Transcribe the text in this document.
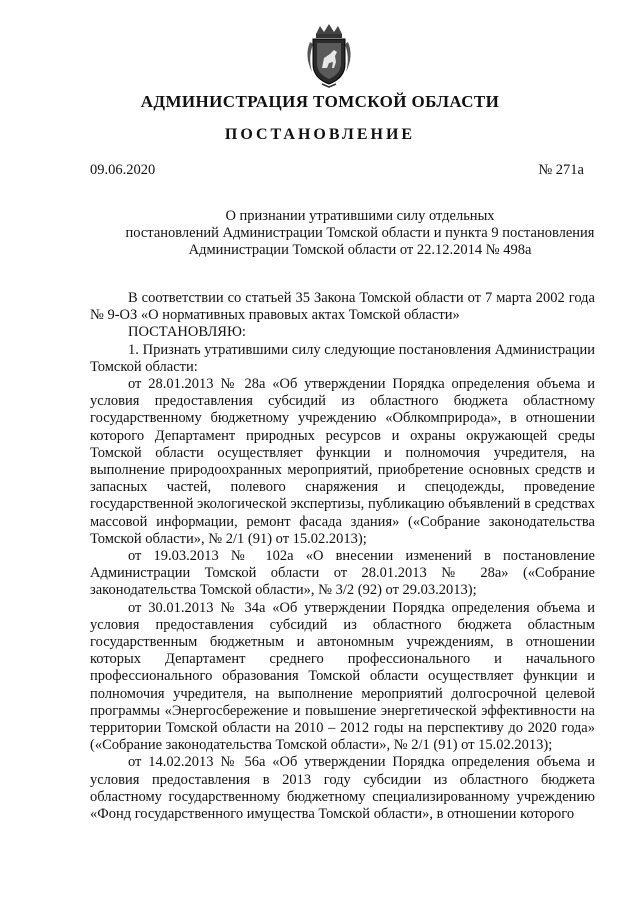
АДМИНИСТРАЦИЯ ТОМСКОЙ ОБЛАСТИ
ПОСТАНОВЛЕНИЕ
09.06.2020	№ 271а
О признании утратившими силу отдельных
постановлений Администрации Томской области и пункта 9 постановления
Администрации Томской области от 22.12.2014 № 498а

В соответствии со статьей 35 Закона Томской области от 7 марта 2002 года № 9-ОЗ «О нормативных правовых актах Томской области»

ПОСТАНОВЛЯЮ:

1. Признать утратившими силу следующие постановления Администрации Томской области:

от 28.01.2013 № 28а «Об утверждении Порядка определения объема и условия предоставления субсидий из областного бюджета областному государственному бюджетному учреждению «Облкомприрода», в отношении которого Департамент природных ресурсов и охраны окружающей среды Томской области осуществляет функции и полномочия учредителя, на выполнение природоохранных мероприятий, приобретение основных средств и запасных частей, полевого снаряжения и спецодежды, проведение государственной экологической экспертизы, публикацию объявлений в средствах массовой информации, ремонт фасада здания» («Собрание законодательства Томской области», № 2/1 (91) от 15.02.2013);

от 19.03.2013 № 102а «О внесении изменений в постановление Администрации Томской области от 28.01.2013 № 28а» («Собрание законодательства Томской области», № 3/2 (92) от 29.03.2013);

от 30.01.2013 № 34а «Об утверждении Порядка определения объема и условия предоставления субсидий из областного бюджета областным государственным бюджетным и автономным учреждениям, в отношении которых Департамент среднего профессионального и начального профессионального образования Томской области осуществляет функции и полномочия учредителя, на выполнение мероприятий долгосрочной целевой программы «Энергосбережение и повышение энергетической эффективности на территории Томской области на 2010 – 2012 годы на перспективу до 2020 года» («Собрание законодательства Томской области», № 2/1 (91) от 15.02.2013);

от 14.02.2013 № 56а «Об утверждении Порядка определения объема и условия предоставления в 2013 году субсидии из областного бюджета областному государственному бюджетному специализированному учреждению «Фонд государственного имущества Томской области», в отношении которого
